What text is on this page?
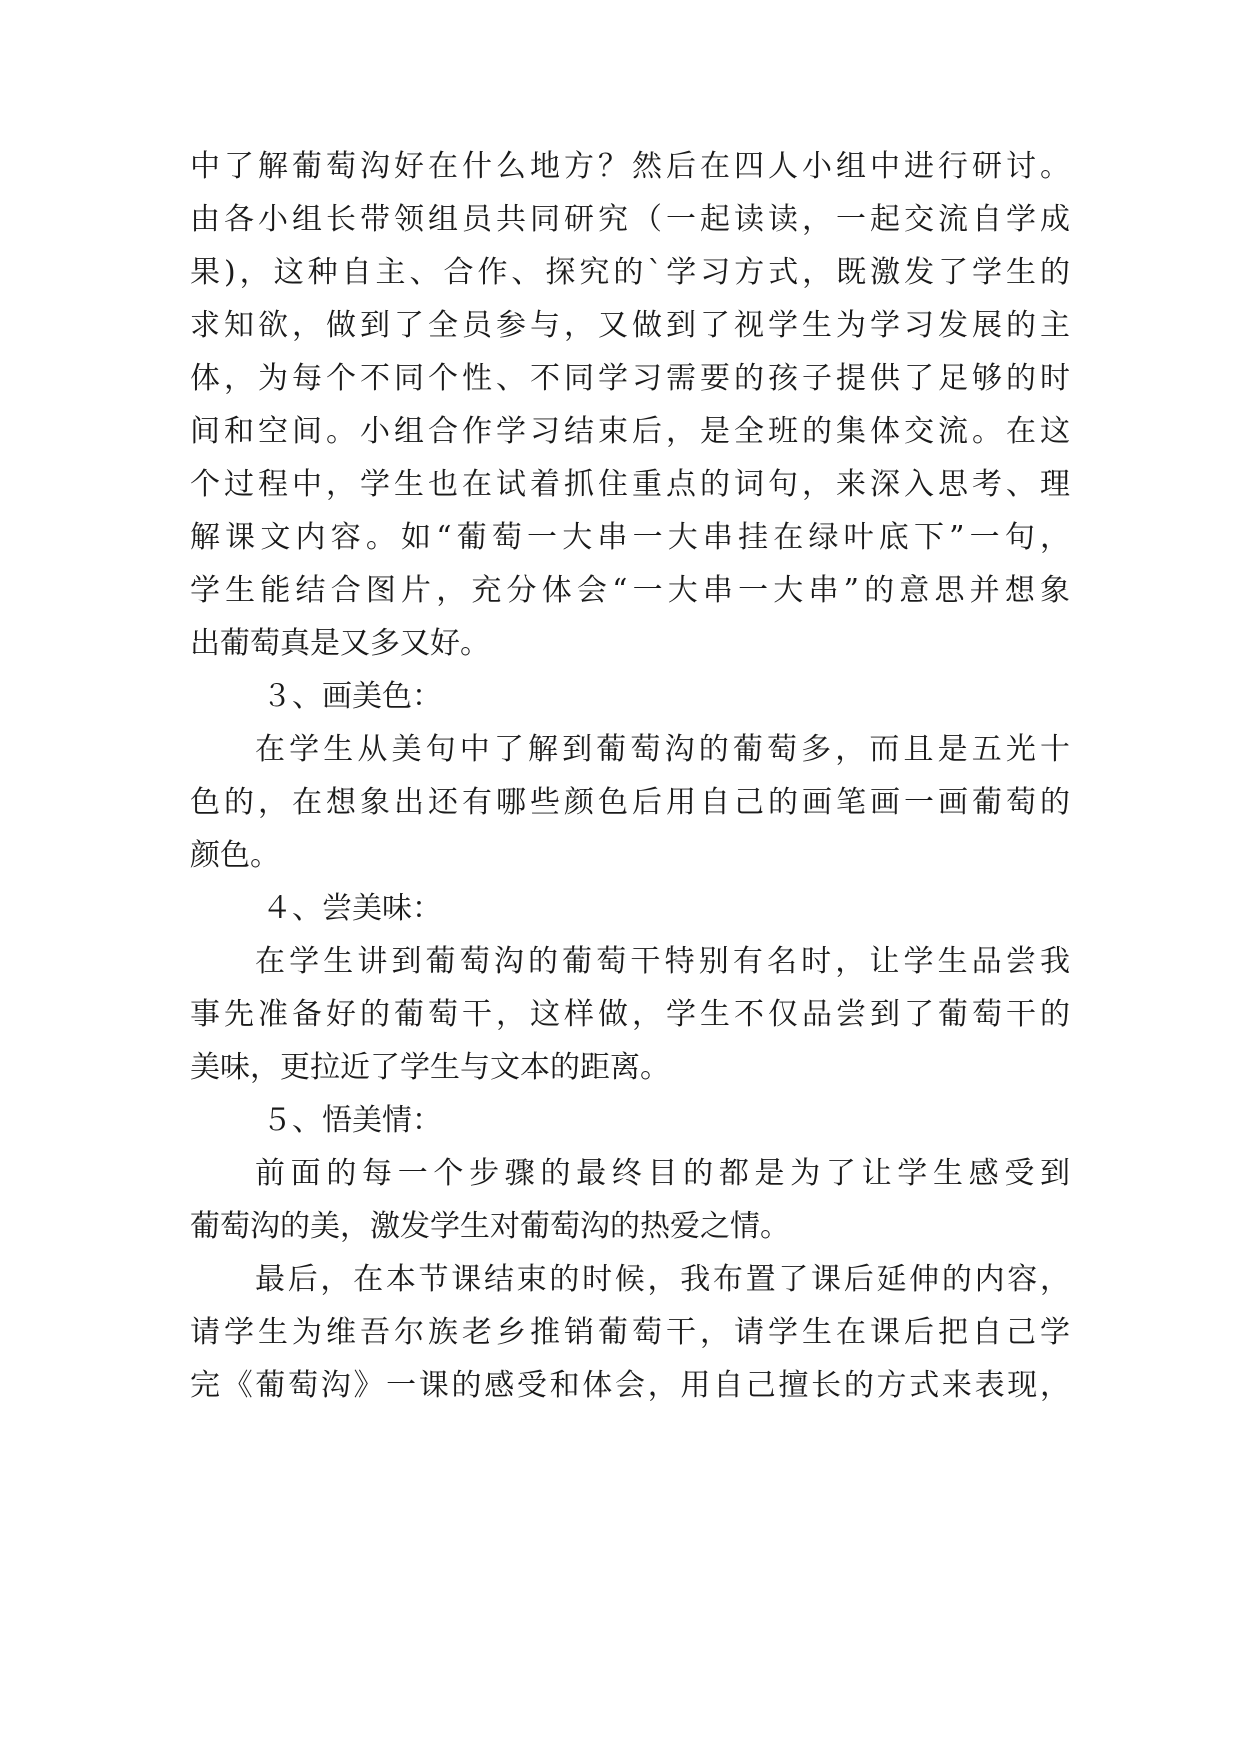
中了解葡萄沟好在什么地方？然后在四人小组中进行研讨。
由各小组长带领组员共同研究（一起读读，一起交流自学成
果)，这种自主、合作、探究的`学习方式，既激发了学生的
求知欲，做到了全员参与，又做到了视学生为学习发展的主
体，为每个不同个性、不同学习需要的孩子提供了足够的时
间和空间。小组合作学习结束后，是全班的集体交流。在这
个过程中，学生也在试着抓住重点的词句，来深入思考、理
解课文内容。如“葡萄一大串一大串挂在绿叶底下”一句，
学生能结合图片，充分体会“一大串一大串”的意思并想象
出葡萄真是又多又好。
３、画美色：
在学生从美句中了解到葡萄沟的葡萄多，而且是五光十
色的，在想象出还有哪些颜色后用自己的画笔画一画葡萄的
颜色。
４、尝美味：
在学生讲到葡萄沟的葡萄干特别有名时，让学生品尝我
事先准备好的葡萄干，这样做，学生不仅品尝到了葡萄干的
美味，更拉近了学生与文本的距离。
５、悟美情：
前面的每一个步骤的最终目的都是为了让学生感受到
葡萄沟的美，激发学生对葡萄沟的热爱之情。
最后，在本节课结束的时候，我布置了课后延伸的内容，
请学生为维吾尔族老乡推销葡萄干，请学生在课后把自己学
完《葡萄沟》一课的感受和体会，用自己擅长的方式来表现，
